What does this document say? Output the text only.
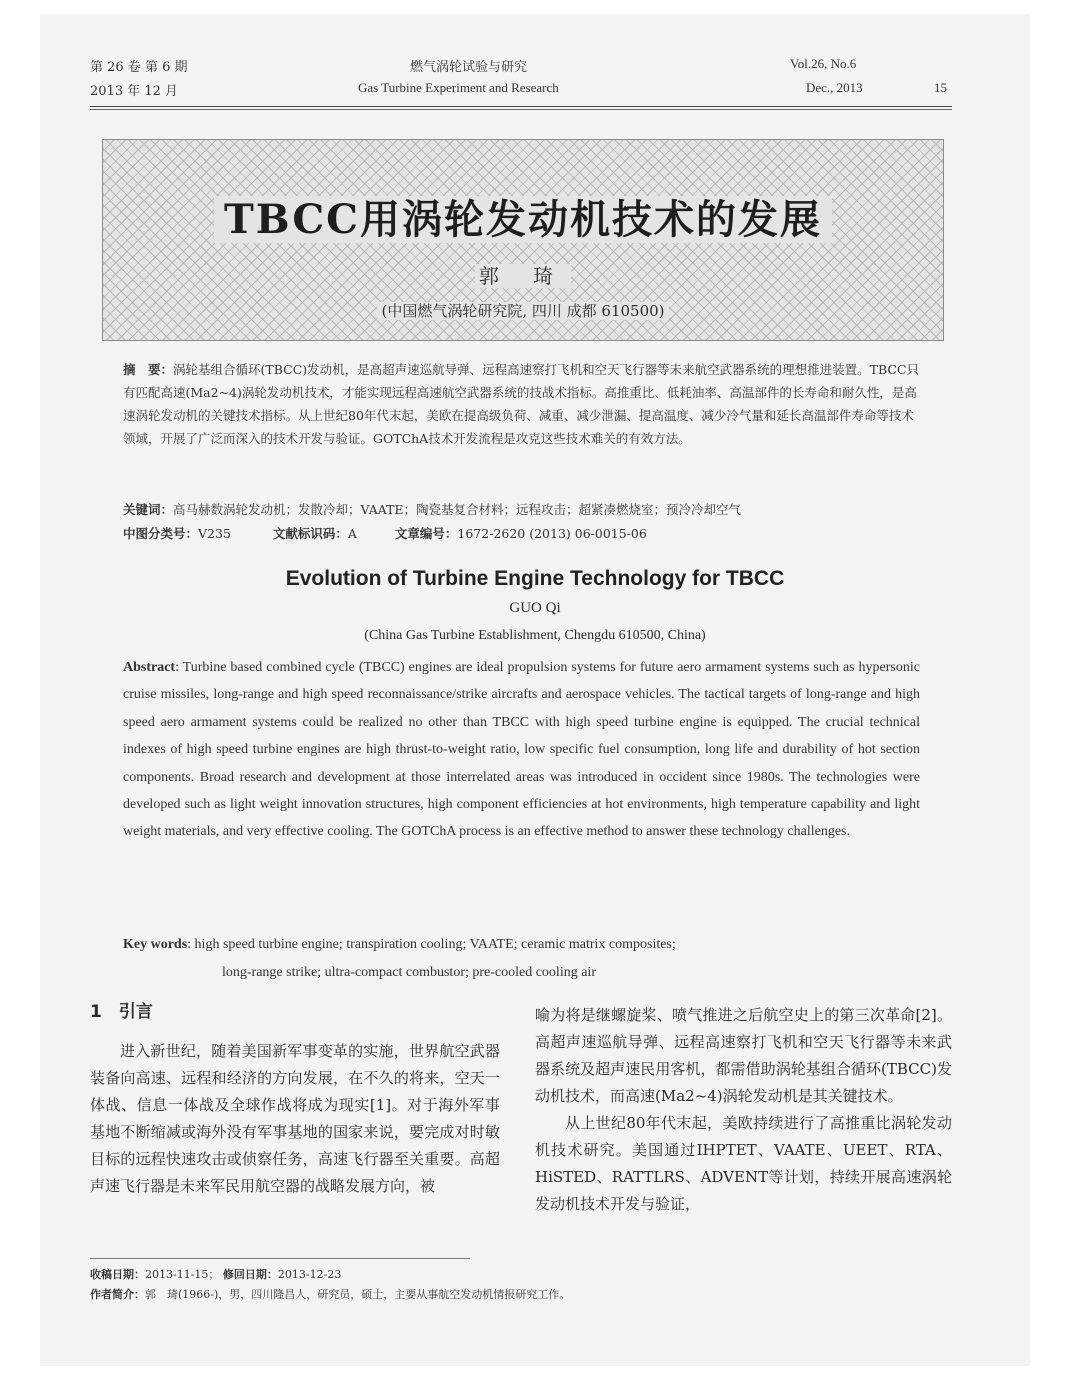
第 26 卷 第 6 期
2013 年 12 月
燃气涡轮试验与研究
Gas Turbine Experiment and Research
Vol.26, No.6
Dec., 2013	15
TBCC用涡轮发动机技术的发展
郭 琦
(中国燃气涡轮研究院, 四川 成都 610500)
摘　要：涡轮基组合循环(TBCC)发动机，是高超声速巡航导弹、远程高速察打飞机和空天飞行器等未来航空武器系统的理想推进装置。TBCC只有匹配高速(Ma2~4)涡轮发动机技术，才能实现远程高速航空武器系统的技战术指标。高推重比、低耗油率、高温部件的长寿命和耐久性，是高速涡轮发动机的关键技术指标。从上世纪80年代末起，美欧在提高级负荷、减重、减少泄漏、提高温度、减少冷气量和延长高温部件寿命等技术领域，开展了广泛而深入的技术开发与验证。GOTChA技术开发流程是攻克这些技术难关的有效方法。
关键词：高马赫数涡轮发动机；发散冷却；VAATE；陶瓷基复合材料；远程攻击；超紧凑燃烧室；预冷冷却空气
中图分类号：V235	文献标识码：A	文章编号：1672-2620 (2013) 06-0015-06
Evolution of Turbine Engine Technology for TBCC
GUO Qi
(China Gas Turbine Establishment, Chengdu 610500, China)
Abstract: Turbine based combined cycle (TBCC) engines are ideal propulsion systems for future aero armament systems such as hypersonic cruise missiles, long-range and high speed reconnaissance/strike aircrafts and aerospace vehicles. The tactical targets of long-range and high speed aero armament systems could be realized no other than TBCC with high speed turbine engine is equipped. The crucial technical indexes of high speed turbine engines are high thrust-to-weight ratio, low specific fuel consumption, long life and durability of hot section components. Broad research and development at those interrelated areas was introduced in occident since 1980s. The technologies were developed such as light weight innovation structures, high component efficiencies at hot environments, high temperature capability and light weight materials, and very effective cooling. The GOTChA process is an effective method to answer these technology challenges.
Key words: high speed turbine engine; transpiration cooling; VAATE; ceramic matrix composites;
long-range strike; ultra-compact combustor; pre-cooled cooling air
1　引言

进入新世纪，随着美国新军事变革的实施，世界航空武器装备向高速、远程和经济的方向发展，在不久的将来，空天一体战、信息一体战及全球作战将成为现实[1]。对于海外军事基地不断缩减或海外没有军事基地的国家来说，要完成对时敏目标的远程快速攻击或侦察任务，高速飞行器至关重要。高超声速飞行器是未来军民用航空器的战略发展方向，被

喻为将是继螺旋桨、喷气推进之后航空史上的第三次革命[2]。高超声速巡航导弹、远程高速察打飞机和空天飞行器等未来武器系统及超声速民用客机，都需借助涡轮基组合循环(TBCC)发动机技术，而高速(Ma2~4)涡轮发动机是其关键技术。

从上世纪80年代末起，美欧持续进行了高推重比涡轮发动机技术研究。美国通过IHPTET、VAATE、UEET、RTA、HiSTED、RATTLRS、ADVENT等计划，持续开展高速涡轮发动机技术开发与验证，

收稿日期：2013-11-15； 修回日期：2013-12-23
作者简介：郭　琦(1966-)，男，四川隆昌人，研究员，硕士，主要从事航空发动机情报研究工作。
